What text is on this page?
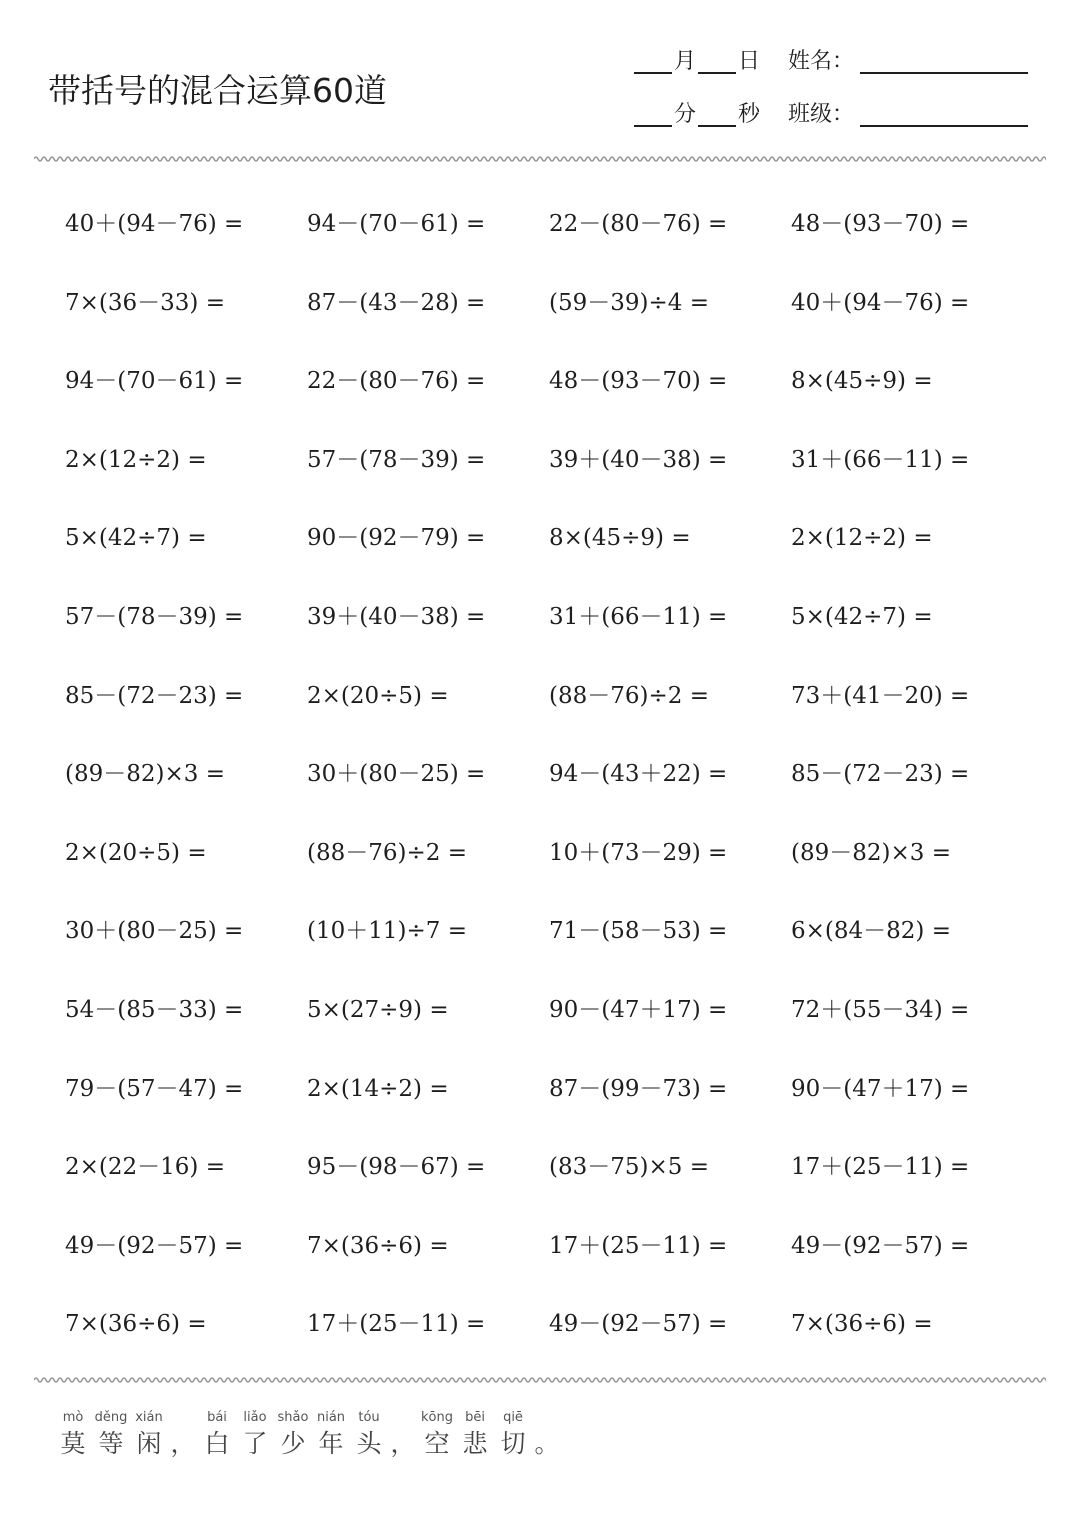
带括号的混合运算60道
月 日 姓名：
分 秒 班级：
40＋(94－76) =	94－(70－61) =	22－(80－76) =	48－(93－70) =
7×(36－33) =	87－(43－28) =	(59－39)÷4 =	40＋(94－76) =
94－(70－61) =	22－(80－76) =	48－(93－70) =	8×(45÷9) =
2×(12÷2) =	57－(78－39) =	39＋(40－38) =	31＋(66－11) =
5×(42÷7) =	90－(92－79) =	8×(45÷9) =	2×(12÷2) =
57－(78－39) =	39＋(40－38) =	31＋(66－11) =	5×(42÷7) =
85－(72－23) =	2×(20÷5) =	(88－76)÷2 =	73＋(41－20) =
(89－82)×3 =	30＋(80－25) =	94－(43＋22) =	85－(72－23) =
2×(20÷5) =	(88－76)÷2 =	10＋(73－29) =	(89－82)×3 =
30＋(80－25) =	(10＋11)÷7 =	71－(58－53) =	6×(84－82) =
54－(85－33) =	5×(27÷9) =	90－(47＋17) =	72＋(55－34) =
79－(57－47) =	2×(14÷2) =	87－(99－73) =	90－(47＋17) =
2×(22－16) =	95－(98－67) =	(83－75)×5 =	17＋(25－11) =
49－(92－57) =	7×(36÷6) =	17＋(25－11) =	49－(92－57) =
7×(36÷6) =	17＋(25－11) =	49－(92－57) =	7×(36÷6) =
mò
莫
děng
等
xián
闲 ，
bái
白
liǎo
了
shǎo
少
nián
年
tóu
头 ，
kōng
空
bēi
悲
qiē
切 。
